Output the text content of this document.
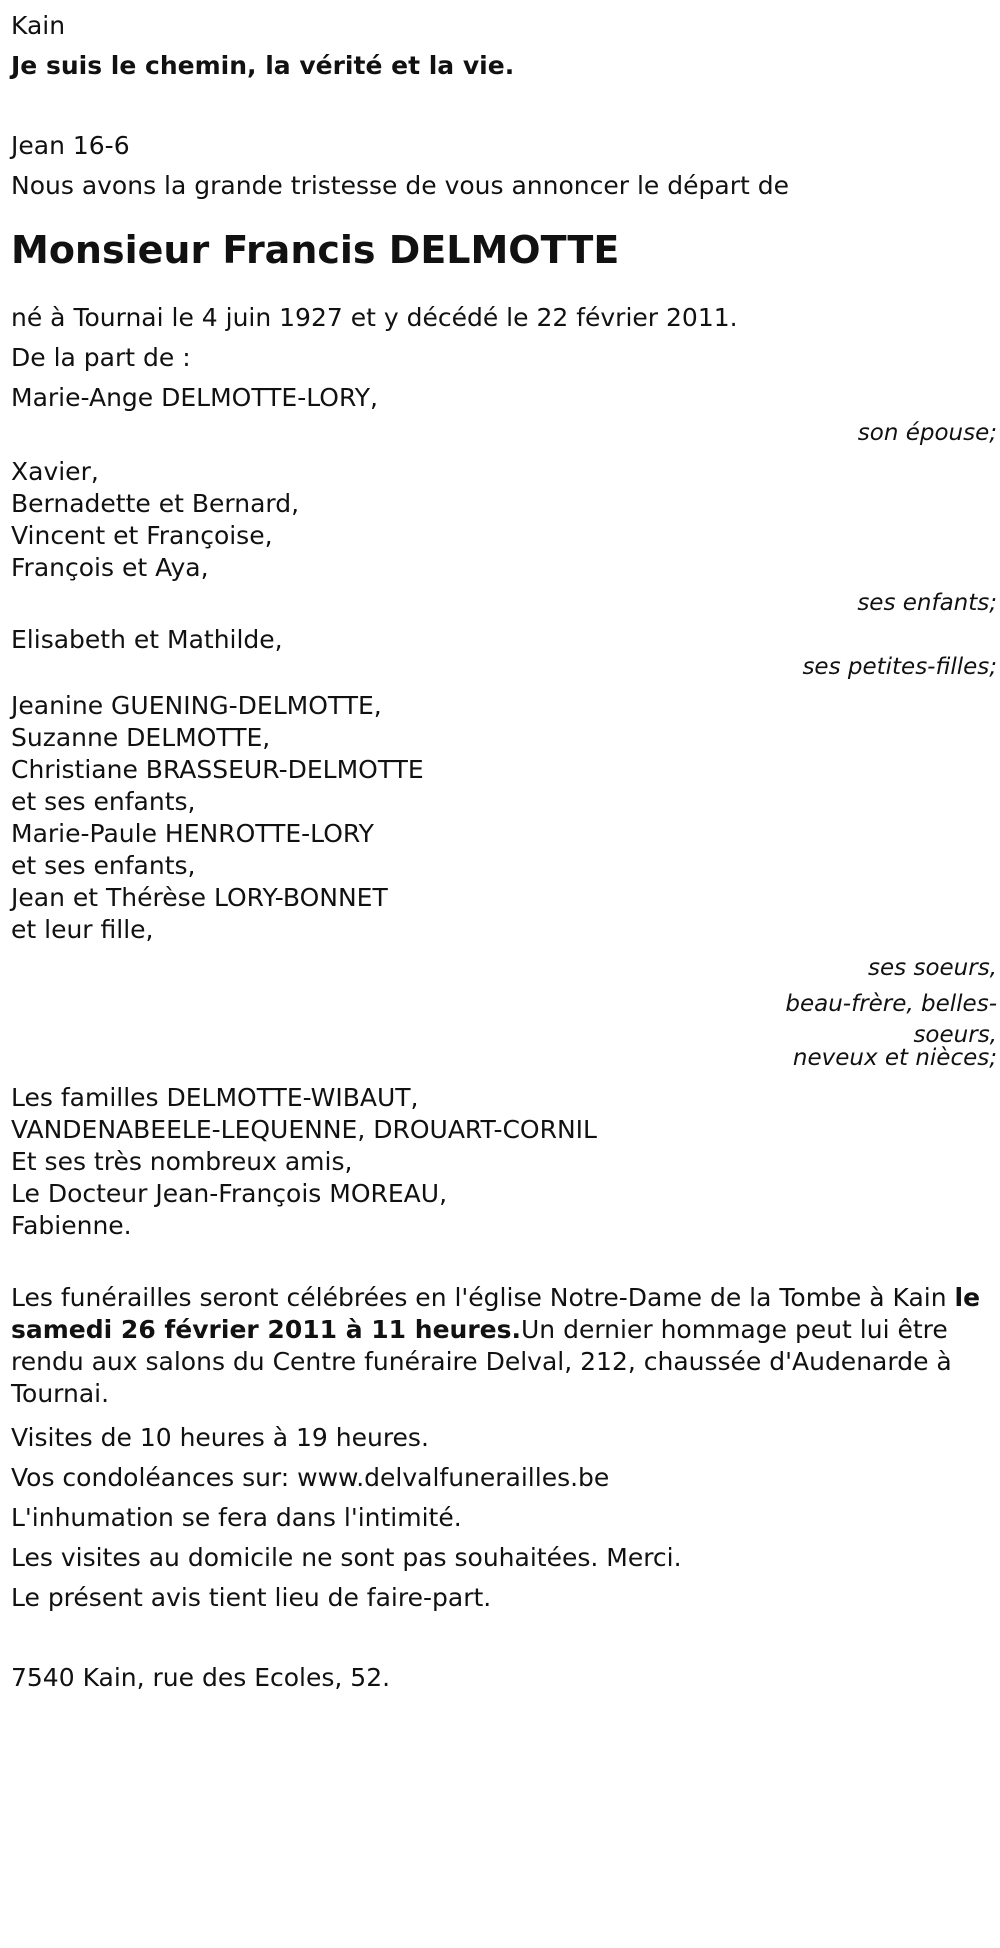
Kain
Je suis le chemin, la vérité et la vie.
Jean 16-6
Nous avons la grande tristesse de vous annoncer le départ de
Monsieur Francis DELMOTTE
né à Tournai le 4 juin 1927 et y décédé le 22 février 2011.
De la part de :
Marie-Ange DELMOTTE-LORY,
son épouse;
Xavier,
Bernadette et Bernard,
Vincent et Françoise,
François et Aya,
ses enfants;
Elisabeth et Mathilde,
ses petites-filles;
Jeanine GUENING-DELMOTTE,
Suzanne DELMOTTE,
Christiane BRASSEUR-DELMOTTE
et ses enfants,
Marie-Paule HENROTTE-LORY
et ses enfants,
Jean et Thérèse LORY-BONNET
et leur fille,
ses soeurs,
beau-frère, belles-
soeurs,
neveux et nièces;
Les familles DELMOTTE-WIBAUT,
VANDENABEELE-LEQUENNE, DROUART-CORNIL
Et ses très nombreux amis,
Le Docteur Jean-François MOREAU,
Fabienne.
Les funérailles seront célébrées en l'église Notre-Dame de la Tombe à Kain le samedi 26 février 2011 à 11 heures.Un dernier hommage peut lui être rendu aux salons du Centre funéraire Delval, 212, chaussée d'Audenarde à Tournai.
Visites de 10 heures à 19 heures.
Vos condoléances sur: www.delvalfunerailles.be
L'inhumation se fera dans l'intimité.
Les visites au domicile ne sont pas souhaitées. Merci.
Le présent avis tient lieu de faire-part.
7540 Kain, rue des Ecoles, 52.
